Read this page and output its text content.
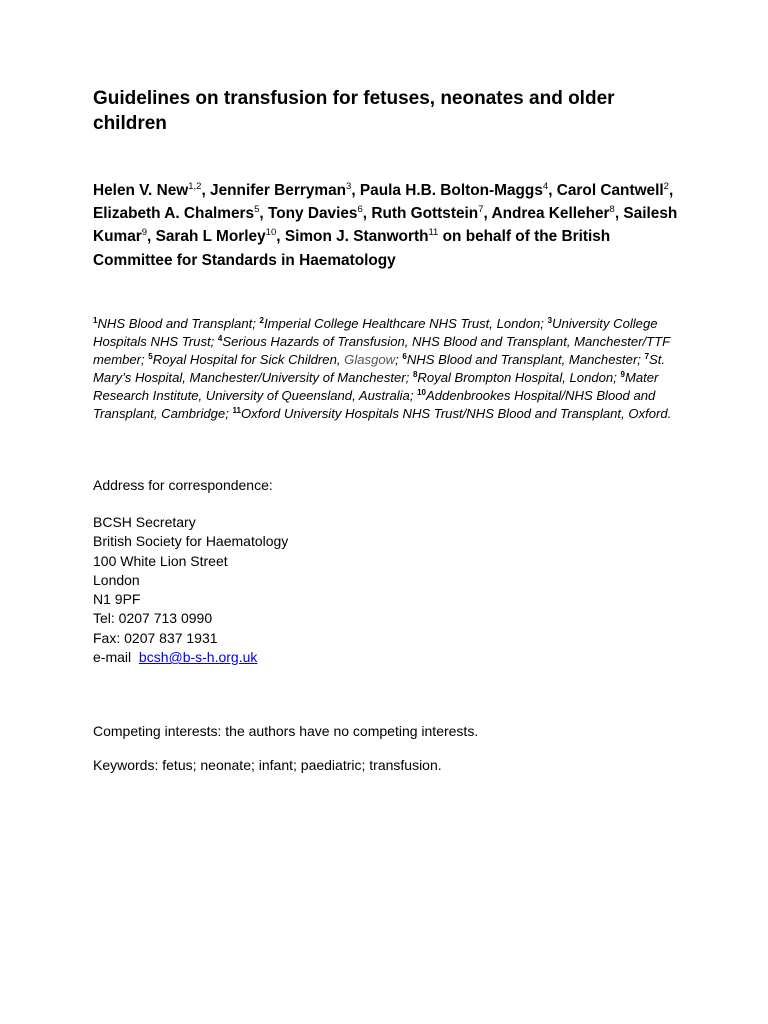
Guidelines on transfusion for fetuses, neonates and older children

Helen V. New$^{1,2}$, Jennifer Berryman$^3$, Paula H.B. Bolton-Maggs$^4$, Carol Cantwell$^2$, Elizabeth A. Chalmers$^5$, Tony Davies$^6$, Ruth Gottstein$^7$, Andrea Kelleher$^8$, Sailesh Kumar$^9$, Sarah L Morley$^{10}$, Simon J. Stanworth$^{11}$ on behalf of the British Committee for Standards in Haematology

$^1$NHS Blood and Transplant; $^2$Imperial College Healthcare NHS Trust, London; $^3$University College Hospitals NHS Trust; $^4$Serious Hazards of Transfusion, NHS Blood and Transplant, Manchester/TTF member; $^5$Royal Hospital for Sick Children, Glasgow; $^6$NHS Blood and Transplant, Manchester; $^7$St. Mary’s Hospital, Manchester/University of Manchester; $^8$Royal Brompton Hospital, London; $^9$Mater Research Institute, University of Queensland, Australia; $^{10}$Addenbrookes Hospital/NHS Blood and Transplant, Cambridge; $^{11}$Oxford University Hospitals NHS Trust/NHS Blood and Transplant, Oxford.

Address for correspondence:

BCSH Secretary
British Society for Haematology
100 White Lion Street
London
N1 9PF
Tel: 0207 713 0990
Fax: 0207 837 1931
e-mail bcsh@b-s-h.org.uk

Competing interests: the authors have no competing interests.

Keywords: fetus; neonate; infant; paediatric; transfusion.
